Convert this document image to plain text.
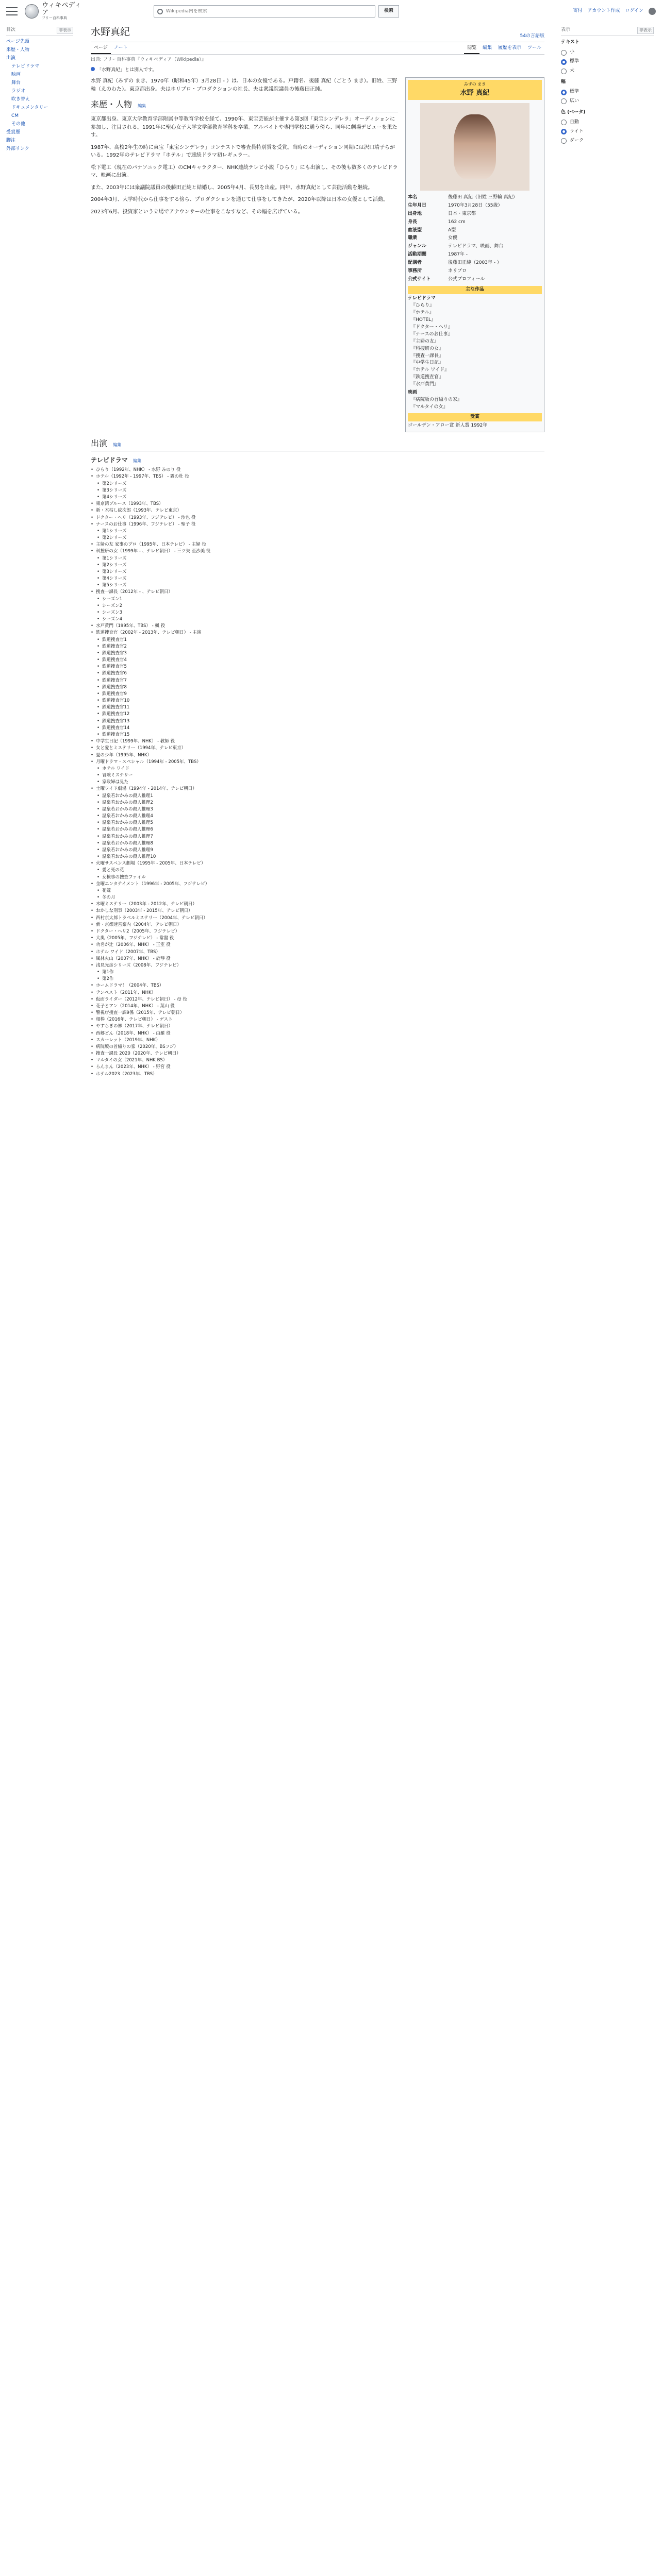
ウィキペディア
フリー百科事典
Wikipedia内を検索
検索	寄付 アカウント作成 ログイン
目次	非表示
ページ先頭
来歴・人物
出演
テレビドラマ
映画
舞台
ラジオ
吹き替え
ドキュメンタリー
CM
その他
受賞歴
脚注
外部リンク
水野真紀	54の言語版
ページ	ノート	閲覧	編集	履歴を表示	ツール
出典: フリー百科事典『ウィキペディア（Wikipedia）』
「水野真紀」とは別人です。

水野 真紀（みずの まき、1970年（昭和45年）3月28日 - ）は、日本の女優である。戸籍名、後藤 真紀（ごとう まき）。旧姓、三野輪（えのわた）。東京都出身。夫はホリプロ・プロダクションの社長、夫は衆議院議員の後藤田正純。

来歴・人物 編集

東京都出身。東京大学教育学部附属中等教育学校を経て、1990年、東宝芸能が主催する第3回「東宝シンデレラ」オーディションに参加し、注目される。1991年に聖心女子大学文学部教育学科を卒業。アルバイトや専門学校に通う傍ら、同年に劇場デビューを果たす。

1987年、高校2年生の時に東宝「東宝シンデレラ」コンテストで審査員特別賞を受賞。当時のオーディション同期には沢口靖子らがいる。1992年のテレビドラマ「ホテル」で連続ドラマ初レギュラー。

松下電工（現在のパナソニック電工）のCMキャラクター、NHK連続テレビ小説「ひらり」にも出演し、その後も数多くのテレビドラマ、映画に出演。

また、2003年には衆議院議員の後藤田正純と結婚し、2005年4月、長男を出産。同年、水野真紀として芸能活動を継続。

2004年3月、大学時代から仕事をする傍ら、プロダクションを通じて仕事をしてきたが、2020年以降は日本の女優として活動。

2023年6月、投資家という立場でアナウンサーの仕事をこなすなど、その幅を広げている。

みずの まき
水野 真紀
本名	後藤田 真紀（旧姓 三野輪 真紀）
生年月日	1970年3月28日（55歳）
出身地	日本・東京都
身長	162 cm
血液型	A型
職業	女優
ジャンル	テレビドラマ、映画、舞台
活動期間	1987年 -
配偶者	後藤田正純（2003年 - ）
事務所	ホリプロ
公式サイト	公式プロフィール
主な作品
テレビドラマ
『ひらり』
『ホテル』
『HOTEL』
『ドクター・ヘリ』
『ナースのお仕事』
『主婦の友』
『科捜研の女』
『捜査一課長』
『中学生日記』
『ホテル ワイド』
『鉄道捜査官』
『水戸黄門』
映画
『病院坂の首縊りの家』
『マルタイの女』
受賞
ゴールデン・アロー賞 新人賞 1992年
出演 編集
テレビドラマ 編集
• ひらり（1992年、NHK） - 水野 みのり 役
• ホテル（1992年 - 1997年、TBS） - 霧の杜 役
• 第2シリーズ
• 第3シリーズ
• 第4シリーズ
• 東京湾ブルース（1993年、TBS）
• 新・木枯し紋次郎（1993年、テレビ東京）
• ドクター・ヘリ（1993年、フジテレビ） - 沙也 役
• ナースのお仕事（1996年、フジテレビ） - 聖子 役
• 第1シリーズ
• 第2シリーズ
• 主婦の友 家事のプロ（1995年、日本テレビ） - 主婦 役
• 科捜研の女（1999年 - 、テレビ朝日） - 三ツ矢 亜沙美 役
• 第1シリーズ
• 第2シリーズ
• 第3シリーズ
• 第4シリーズ
• 第5シリーズ
• 捜査一課長（2012年 - 、テレビ朝日）
• シーズン1
• シーズン2
• シーズン3
• シーズン4
• 水戸黄門（1995年、TBS） - 楓 役
• 鉄道捜査官（2002年 - 2013年、テレビ朝日） - 主演
• 鉄道捜査官1
• 鉄道捜査官2
• 鉄道捜査官3
• 鉄道捜査官4
• 鉄道捜査官5
• 鉄道捜査官6
• 鉄道捜査官7
• 鉄道捜査官8
• 鉄道捜査官9
• 鉄道捜査官10
• 鉄道捜査官11
• 鉄道捜査官12
• 鉄道捜査官13
• 鉄道捜査官14
• 鉄道捜査官15
• 中学生日記（1999年、NHK） - 教師 役
• 女と愛とミステリー（1994年、テレビ東京）
• 夏の少年（1995年、NHK）
• 月曜ドラマ・スペシャル（1994年 - 2005年、TBS）
• ホテル ワイド
• 冒険ミステリー
• 家政婦は見た
• 土曜ワイド劇場（1994年 - 2014年、テレビ朝日）
• 温泉若おかみの殺人推理1
• 温泉若おかみの殺人推理2
• 温泉若おかみの殺人推理3
• 温泉若おかみの殺人推理4
• 温泉若おかみの殺人推理5
• 温泉若おかみの殺人推理6
• 温泉若おかみの殺人推理7
• 温泉若おかみの殺人推理8
• 温泉若おかみの殺人推理9
• 温泉若おかみの殺人推理10
• 火曜サスペンス劇場（1995年 - 2005年、日本テレビ）
• 愛と死の花
• 女検事の捜査ファイル
• 金曜エンタテイメント（1996年 - 2005年、フジテレビ）
• 花嫁
• 冬の月
• 木曜ミステリー（2003年 - 2012年、テレビ朝日）
• おかしな刑事（2003年 - 2015年、テレビ朝日）
• 西村京太郎トラベルミステリー（2004年、テレビ朝日）
• 新・京都迷宮案内（2004年、テレビ朝日）
• ドクター・ヘリ2（2005年、フジテレビ）
• 大奥（2005年、フジテレビ） - 常盤 役
• 功名が辻（2006年、NHK） - 正室 役
• ホテル ワイド（2007年、TBS）
• 風林火山（2007年、NHK） - 於琴 役
• 浅見光彦シリーズ（2008年、フジテレビ）
• 第1作
• 第2作
• ホームドラマ！（2004年、TBS）
• テンペスト（2011年、NHK）
• 仮面ライダー（2012年、テレビ朝日） - 母 役
• 花子とアン（2014年、NHK） - 葉山 役
• 警視庁捜査一課9係（2015年、テレビ朝日）
• 相棒（2016年、テレビ朝日） - ゲスト
• やすらぎの郷（2017年、テレビ朝日）
• 西郷どん（2018年、NHK） - 由羅 役
• スカーレット（2019年、NHK）
• 病院坂の首縊りの家（2020年、BSフジ）
• 捜査一課長 2020（2020年、テレビ朝日）
• マルタイの女（2021年、NHK BS）
• らんまん（2023年、NHK） - 野宮 役
• ホテル2023（2023年、TBS）
表示	非表示
テキスト
小
標準
大
幅
標準
広い
色 (ベータ)
自動
ライト
ダーク
